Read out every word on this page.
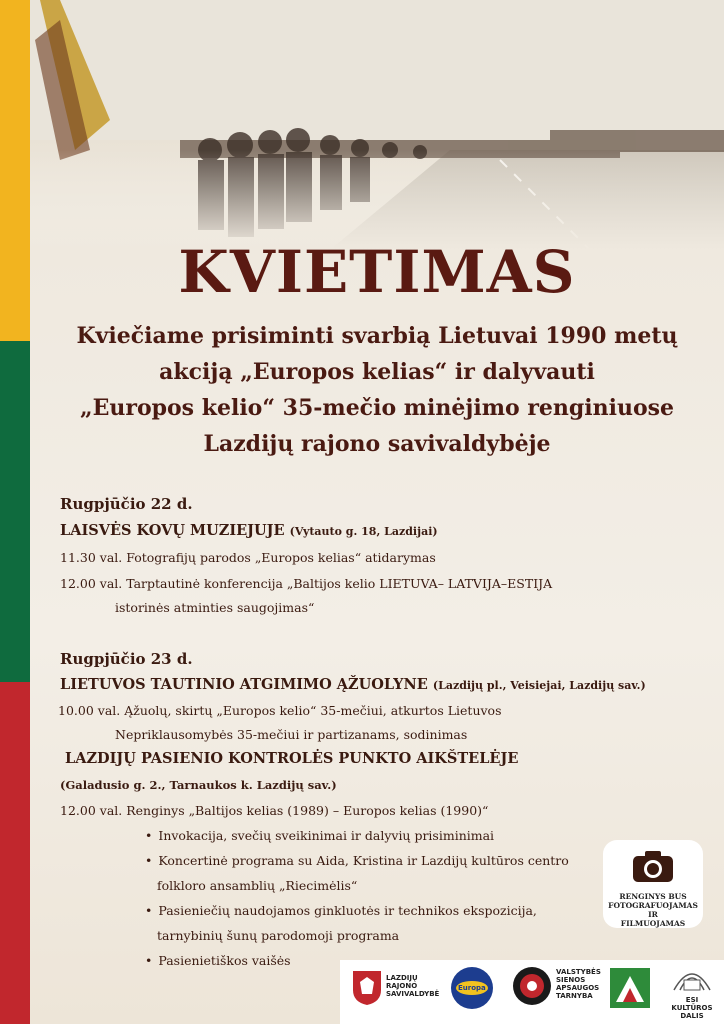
KVIETIMAS
Kviečiame prisiminti svarbią Lietuvai 1990 metų
akciją „Europos kelias“ ir dalyvauti
„Europos kelio“ 35-mečio minėjimo renginiuose
Lazdijų rajono savivaldybėje
Rugpjūčio 22 d.
LAISVĖS KOVŲ MUZIEJUJE (Vytauto g. 18, Lazdijai)
11.30 val. Fotografijų parodos „Europos kelias“ atidarymas
12.00 val. Tarptautinė konferencija „Baltijos kelio LIETUVA– LATVIJA–ESTIJA
istorinės atminties saugojimas“
Rugpjūčio 23 d.
LIETUVOS TAUTINIO ATGIMIMO ĄŽUOLYNE (Lazdijų pl., Veisiejai, Lazdijų sav.)
10.00 val. Ąžuolų, skirtų „Europos kelio“ 35-mečiui, atkurtos Lietuvos
Nepriklausomybės 35-mečiui ir partizanams, sodinimas
LAZDIJŲ PASIENIO KONTROLĖS PUNKTO AIKŠTELĖJE
(Galadusio g. 2., Tarnaukos k. Lazdijų sav.)
12.00 val. Renginys „Baltijos kelias (1989) – Europos kelias (1990)“
• Invokacija, svečių sveikinimai ir dalyvių prisiminimai
• Koncertinė programa su Aida, Kristina ir Lazdijų kultūros centro
folkloro ansamblių „Riecimėlis“
• Pasieniečių naudojamos ginkluotės ir technikos ekspozicija,
tarnybinių šunų parodomoji programa
• Pasienietiškos vaišės
RENGINYS BUS
FOTOGRAFUOJAMAS IR
FILMUOJAMAS
LAZDIJŲ
RAJONO
SAVIVALDYBĖ
Europa
VALSTYBĖS
SIENOS
APSAUGOS
TARNYBA	ESI KULTŪROS
DALIS
